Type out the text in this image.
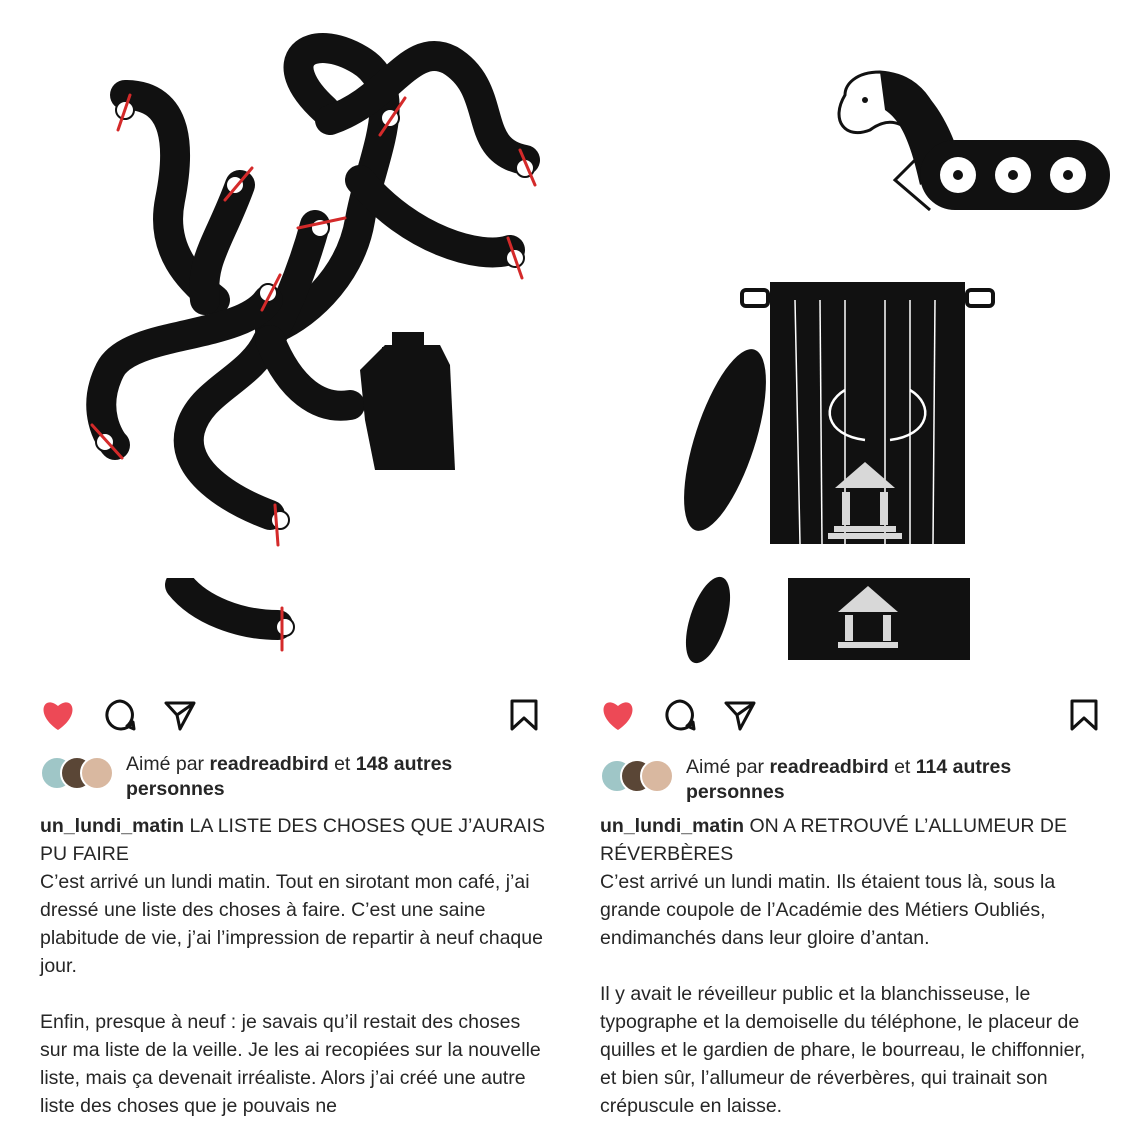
Aimé par readreadbird et 148 autres personnes

un_lundi_matin LA LISTE DES CHOSES QUE J’AURAIS PU FAIRE

C’est arrivé un lundi matin. Tout en sirotant mon café, j’ai dressé une liste des choses à faire. C’est une saine plabitude de vie, j’ai l’impression de repartir à neuf chaque jour.

Enfin, presque à neuf : je savais qu’il restait des choses sur ma liste de la veille. Je les ai recopiées sur la nouvelle liste, mais ça devenait irréaliste. Alors j’ai créé une autre liste des choses que je pouvais ne

Aimé par readreadbird et 114 autres personnes

un_lundi_matin ON A RETROUVÉ L’ALLUMEUR DE RÉVERBÈRES

C’est arrivé un lundi matin. Ils étaient tous là, sous la grande coupole de l’Académie des Métiers Oubliés, endimanchés dans leur gloire d’antan.

Il y avait le réveilleur public et la blanchisseuse, le typographe et la demoiselle du téléphone, le placeur de quilles et le gardien de phare, le bourreau, le chiffonnier, et bien sûr, l’allumeur de réverbères, qui trainait son crépuscule en laisse.
